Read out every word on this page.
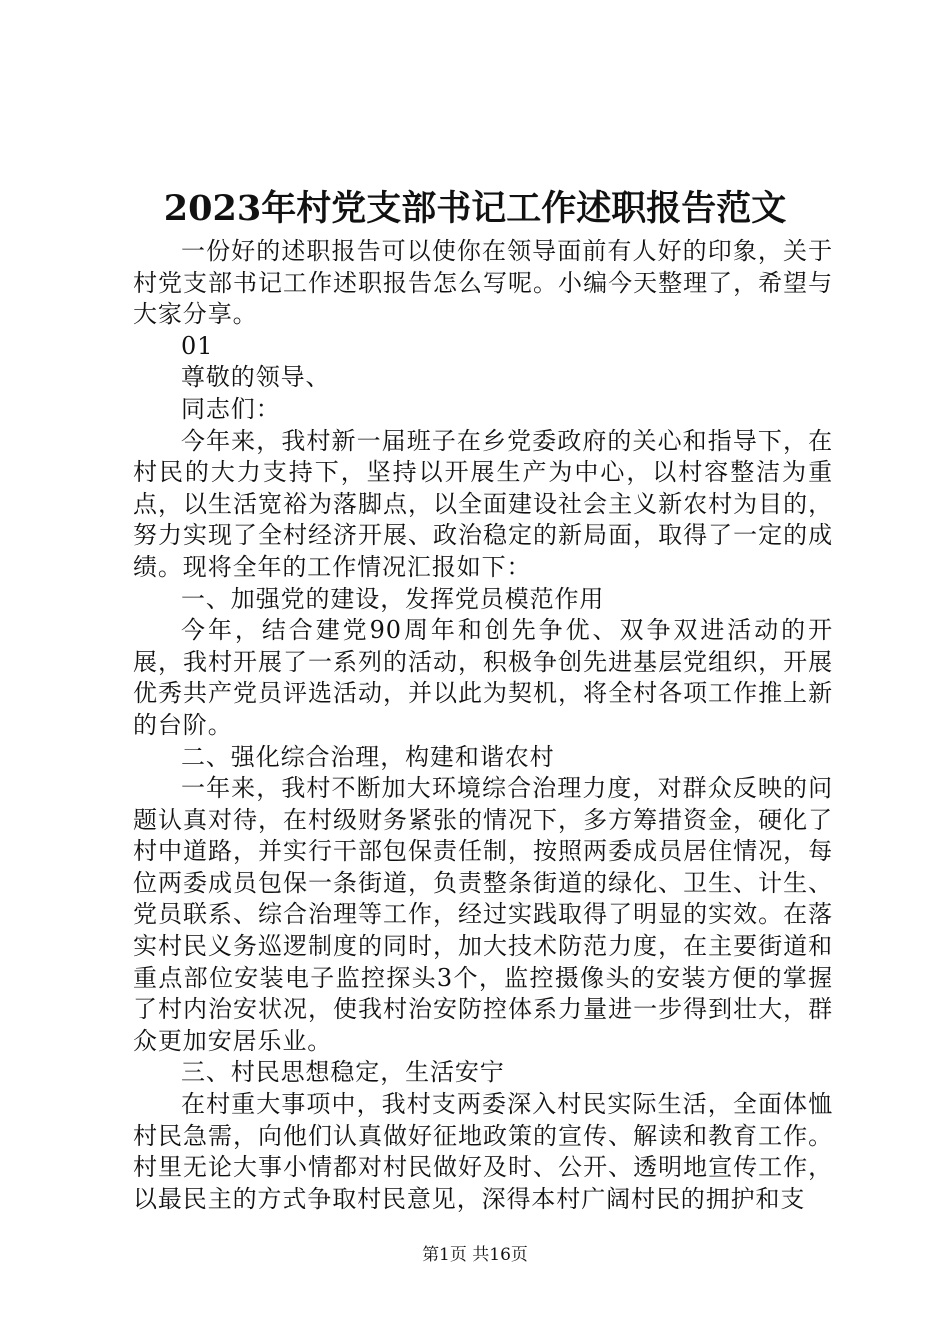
2023年村党支部书记工作述职报告范文

一份好的述职报告可以使你在领导面前有人好的印象，关于村党支部书记工作述职报告怎么写呢。小编今天整理了，希望与大家分享。

01

尊敬的领导、

同志们：

今年来，我村新一届班子在乡党委政府的关心和指导下，在村民的大力支持下，坚持以开展生产为中心，以村容整洁为重点，以生活宽裕为落脚点，以全面建设社会主义新农村为目的，努力实现了全村经济开展、政治稳定的新局面，取得了一定的成绩。现将全年的工作情况汇报如下：

一、加强党的建设，发挥党员模范作用

今年，结合建党90周年和创先争优、双争双进活动的开展，我村开展了一系列的活动，积极争创先进基层党组织，开展优秀共产党员评选活动，并以此为契机，将全村各项工作推上新的台阶。

二、强化综合治理，构建和谐农村

一年来，我村不断加大环境综合治理力度，对群众反映的问题认真对待，在村级财务紧张的情况下，多方筹措资金，硬化了村中道路，并实行干部包保责任制，按照两委成员居住情况，每位两委成员包保一条街道，负责整条街道的绿化、卫生、计生、党员联系、综合治理等工作，经过实践取得了明显的实效。在落实村民义务巡逻制度的同时，加大技术防范力度，在主要街道和重点部位安装电子监控探头3个，监控摄像头的安装方便的掌握了村内治安状况，使我村治安防控体系力量进一步得到壮大，群众更加安居乐业。

三、村民思想稳定，生活安宁

在村重大事项中，我村支两委深入村民实际生活，全面体恤村民急需，向他们认真做好征地政策的宣传、解读和教育工作。村里无论大事小情都对村民做好及时、公开、透明地宣传工作，以最民主的方式争取村民意见，深得本村广阔村民的拥护和支

第1页 共16页
